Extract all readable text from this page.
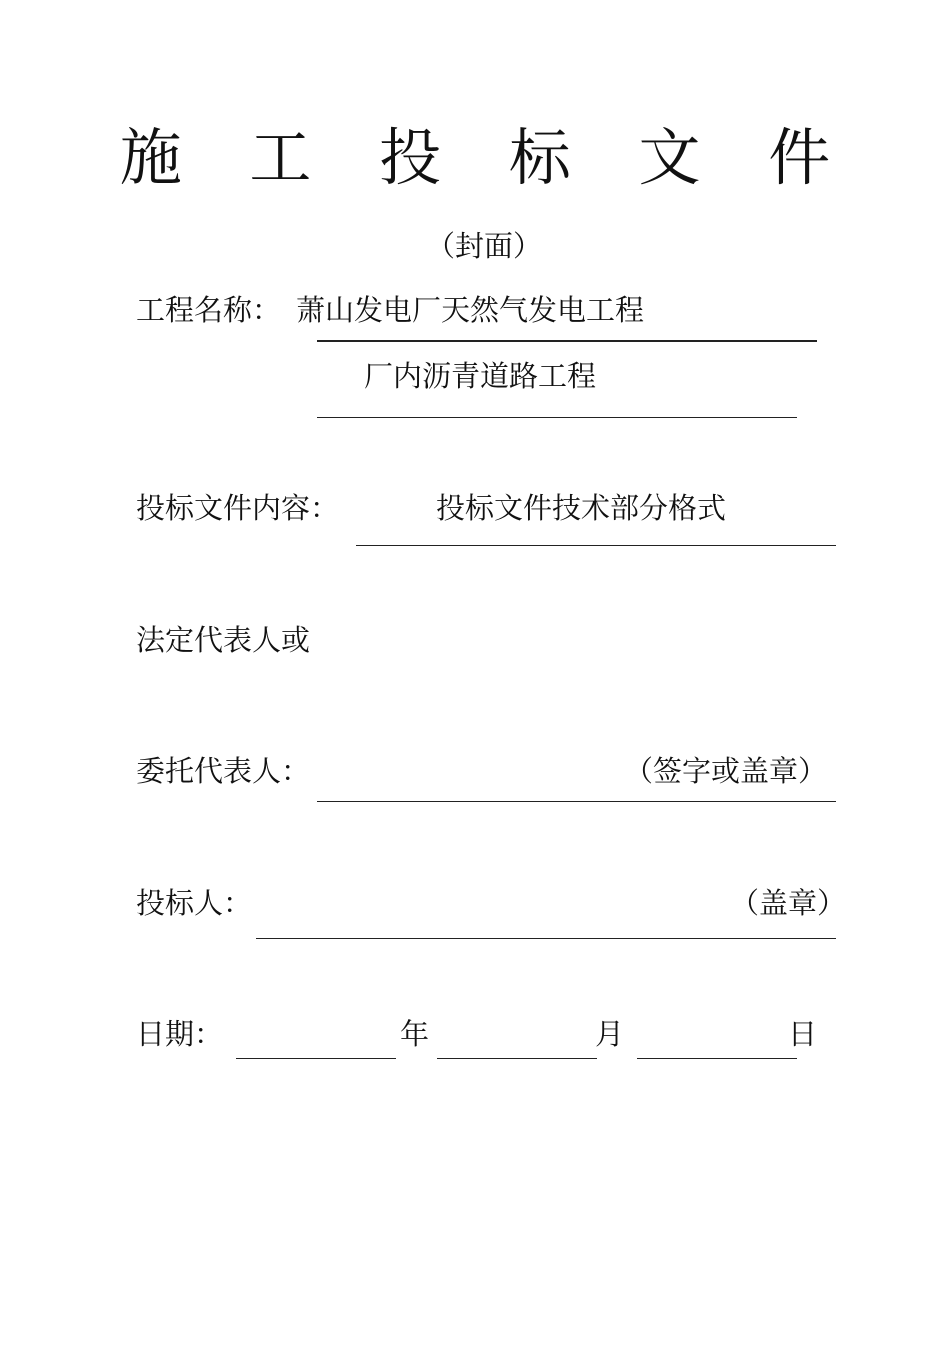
施 工 投 标 文 件
（封面）
工程名称： 萧山发电厂天然气发电工程
厂内沥青道路工程
投标文件内容：	投标文件技术部分格式
法定代表人或
委托代表人：	（签字或盖章）
投标人：	（盖章）
日期：	年	月	日
